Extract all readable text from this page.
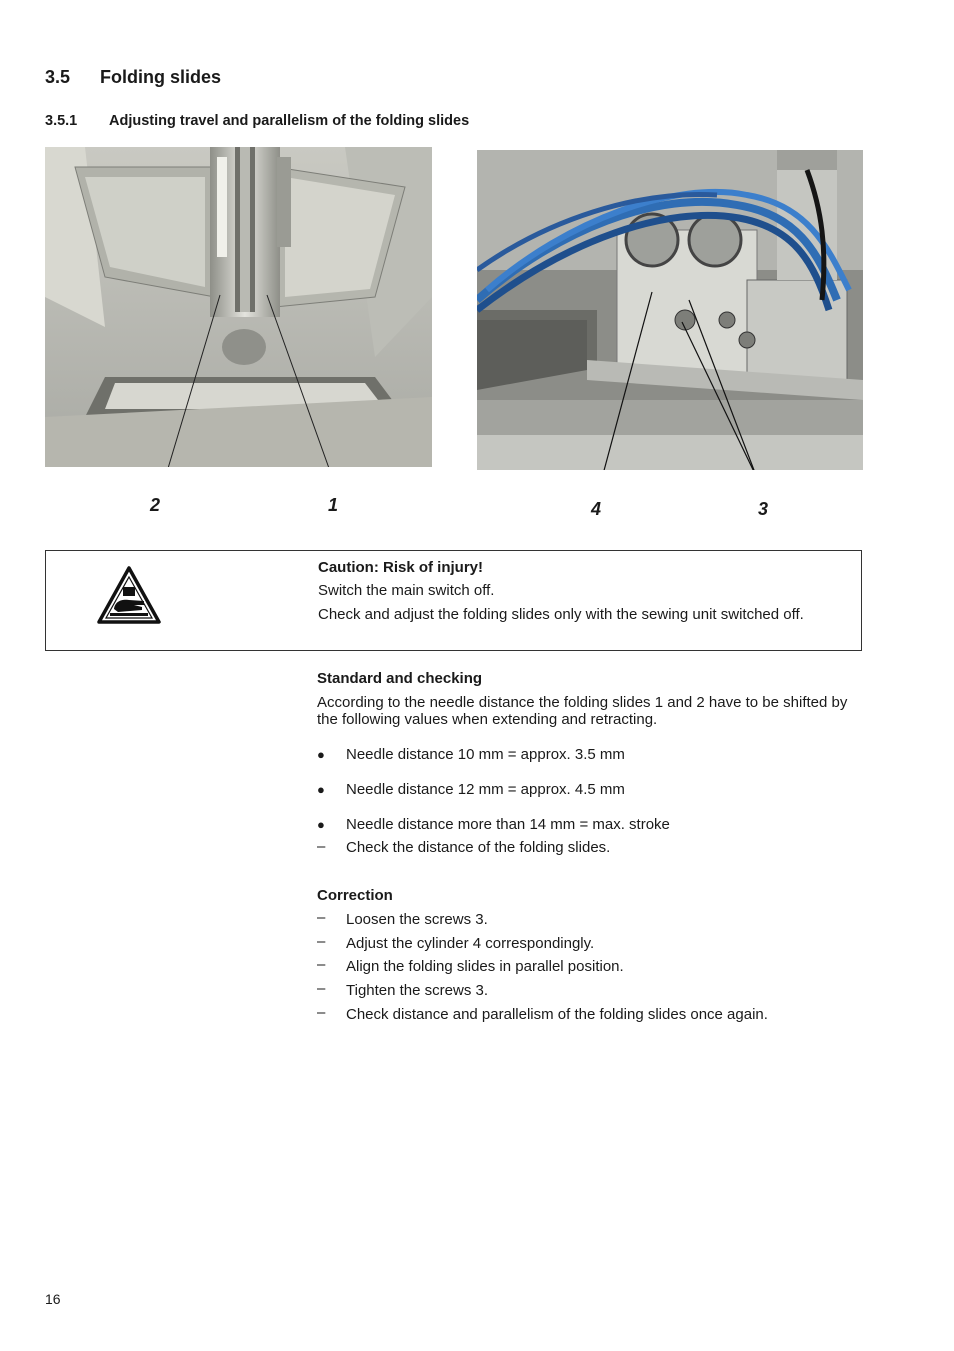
3.5 Folding slides
3.5.1 Adjusting travel and parallelism of the folding slides
2	1	4	3
Caution: Risk of injury!
Switch the main switch off.
Check and adjust the folding slides only with the sewing unit switched off.
Standard and checking
According to the needle distance the folding slides 1 and 2 have to be shifted by the following values when extending and retracting.
● Needle distance 10 mm = approx. 3.5 mm
● Needle distance 12 mm = approx. 4.5 mm
● Needle distance more than 14 mm = max. stroke
– Check the distance of the folding slides.
Correction
– Loosen the screws 3.
– Adjust the cylinder 4 correspondingly.
– Align the folding slides in parallel position.
– Tighten the screws 3.
– Check distance and parallelism of the folding slides once again.
16
